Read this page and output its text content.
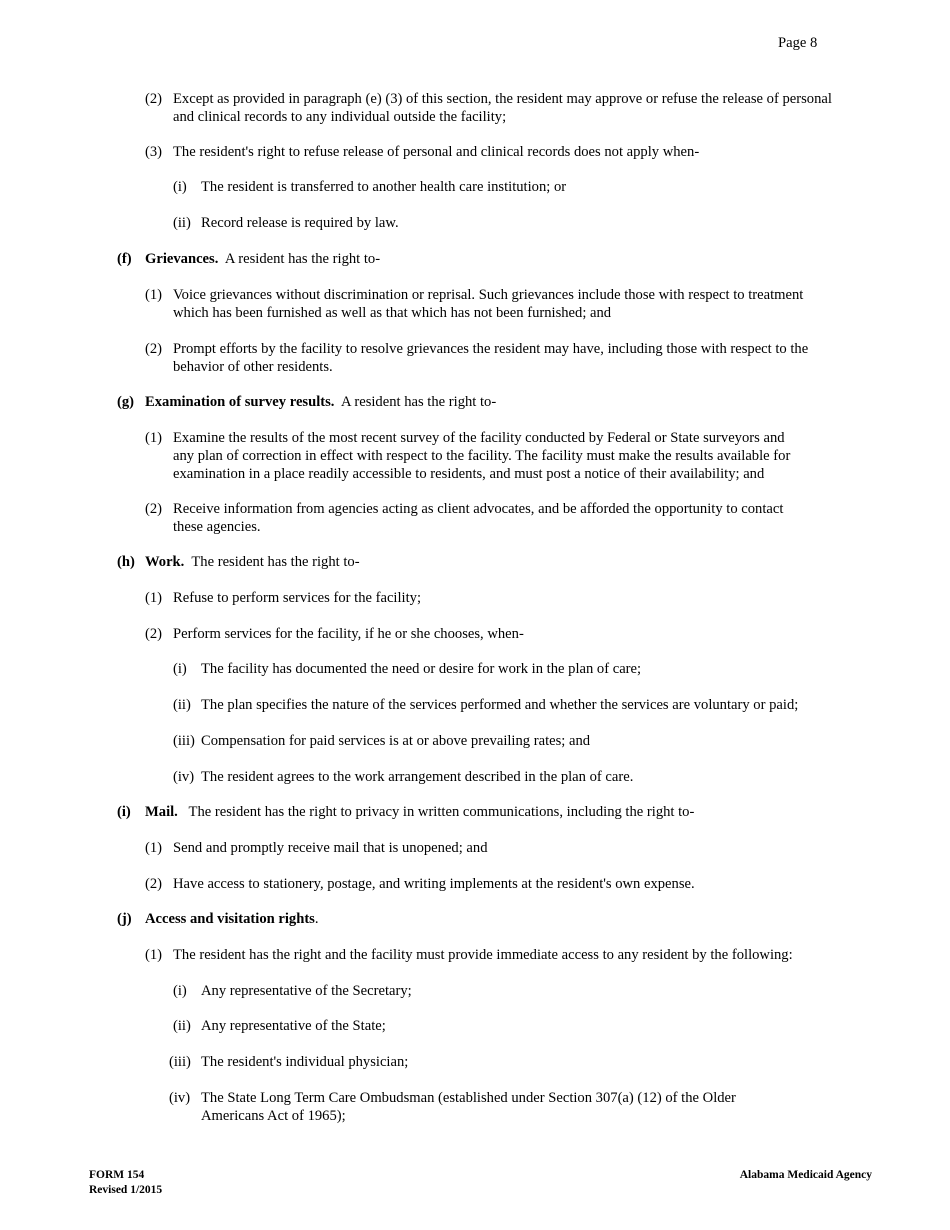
Page 8
(2) Except as provided in paragraph (e) (3) of this section, the resident may approve or refuse the release of personal
and clinical records to any individual outside the facility;
(3) The resident's right to refuse release of personal and clinical records does not apply when-
(i) The resident is transferred to another health care institution; or
(ii) Record release is required by law.
(f) Grievances. A resident has the right to-
(1) Voice grievances without discrimination or reprisal. Such grievances include those with respect to treatment
which has been furnished as well as that which has not been furnished; and
(2) Prompt efforts by the facility to resolve grievances the resident may have, including those with respect to the
behavior of other residents.
(g) Examination of survey results. A resident has the right to-
(1) Examine the results of the most recent survey of the facility conducted by Federal or State surveyors and
any plan of correction in effect with respect to the facility. The facility must make the results available for
examination in a place readily accessible to residents, and must post a notice of their availability; and
(2) Receive information from agencies acting as client advocates, and be afforded the opportunity to contact
these agencies.
(h) Work. The resident has the right to-
(1) Refuse to perform services for the facility;
(2) Perform services for the facility, if he or she chooses, when-
(i) The facility has documented the need or desire for work in the plan of care;
(ii) The plan specifies the nature of the services performed and whether the services are voluntary or paid;
(iii) Compensation for paid services is at or above prevailing rates; and
(iv) The resident agrees to the work arrangement described in the plan of care.
(i) Mail. The resident has the right to privacy in written communications, including the right to-
(1) Send and promptly receive mail that is unopened; and
(2) Have access to stationery, postage, and writing implements at the resident's own expense.
(j) Access and visitation rights.
(1) The resident has the right and the facility must provide immediate access to any resident by the following:
(i) Any representative of the Secretary;
(ii) Any representative of the State;
(iii) The resident's individual physician;
(iv) The State Long Term Care Ombudsman (established under Section 307(a) (12) of the Older
Americans Act of 1965);
FORM 154
Revised 1/2015
Alabama Medicaid Agency
